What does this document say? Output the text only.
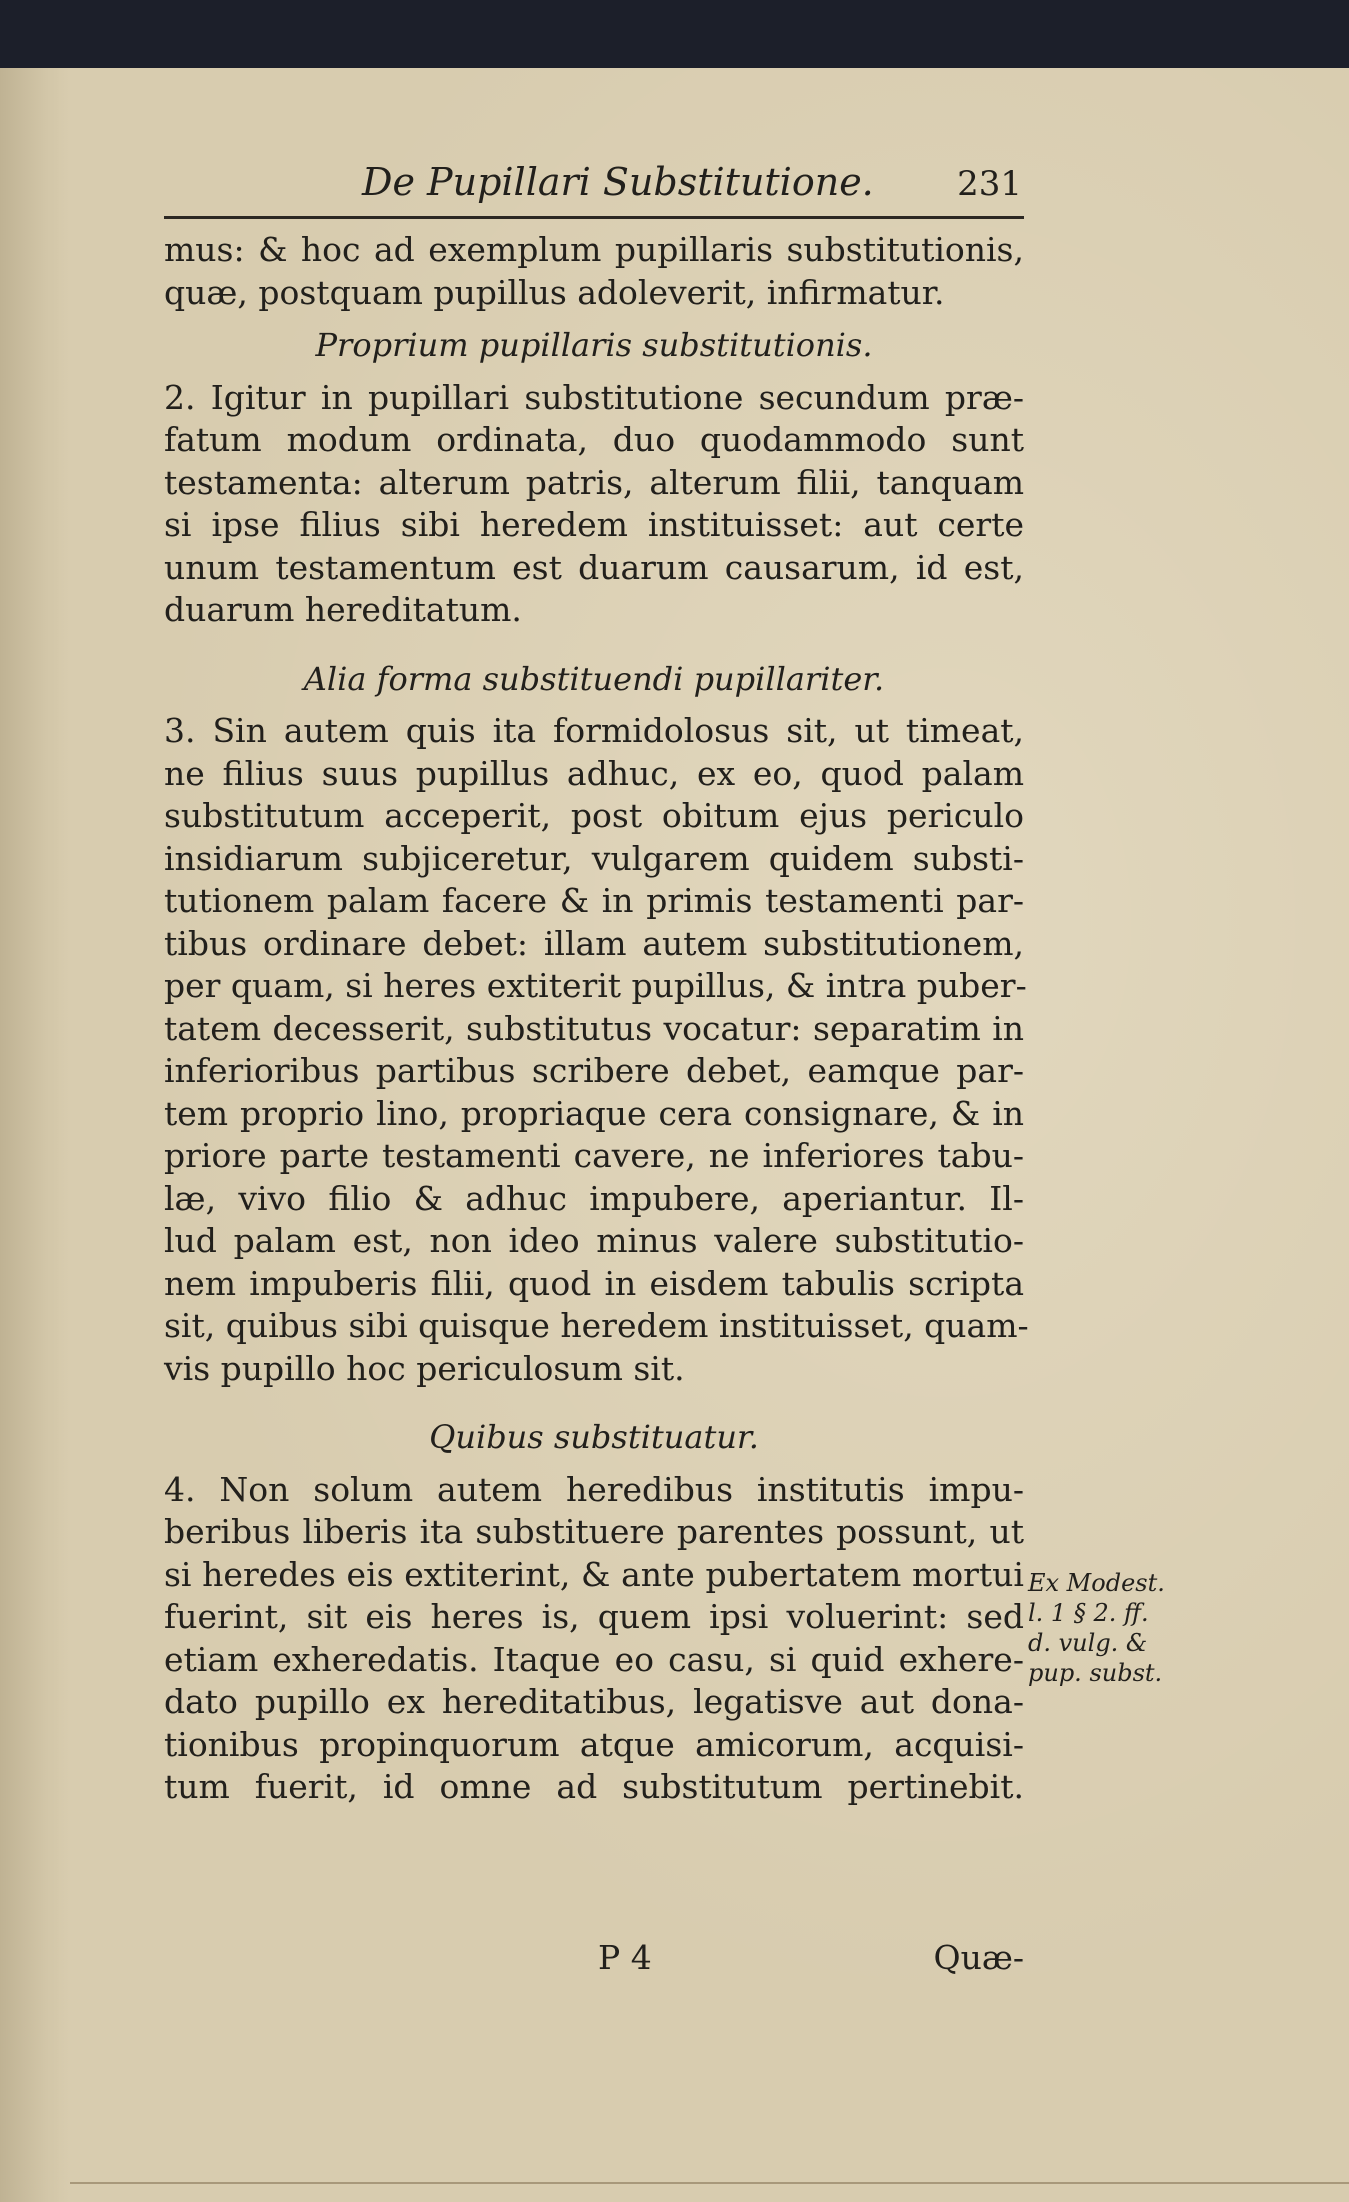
De Pupillari Substitutione. 231
mus: & hoc ad exemplum pupillaris substitutionis,
quæ, postquam pupillus adoleverit, infirmatur.
Proprium pupillaris substitutionis.
2. Igitur in pupillari substitutione secundum præ-
fatum modum ordinata, duo quodammodo sunt
testamenta: alterum patris, alterum filii, tanquam
si ipse filius sibi heredem instituisset: aut certe
unum testamentum est duarum causarum, id est,
duarum hereditatum.
Alia forma substituendi pupillariter.
3. Sin autem quis ita formidolosus sit, ut timeat,
ne filius suus pupillus adhuc, ex eo, quod palam
substitutum acceperit, post obitum ejus periculo
insidiarum subjiceretur, vulgarem quidem substi-
tutionem palam facere & in primis testamenti par-
tibus ordinare debet: illam autem substitutionem,
per quam, si heres extiterit pupillus, & intra puber-
tatem decesserit, substitutus vocatur: separatim in
inferioribus partibus scribere debet, eamque par-
tem proprio lino, propriaque cera consignare, & in
priore parte testamenti cavere, ne inferiores tabu-
læ, vivo filio & adhuc impubere, aperiantur. Il-
lud palam est, non ideo minus valere substitutio-
nem impuberis filii, quod in eisdem tabulis scripta
sit, quibus sibi quisque heredem instituisset, quam-
vis pupillo hoc periculosum sit.
Quibus substituatur.
4. Non solum autem heredibus institutis impu-
beribus liberis ita substituere parentes possunt, ut
si heredes eis extiterint, & ante pubertatem mortui
fuerint, sit eis heres is, quem ipsi voluerint: sed
etiam exheredatis. Itaque eo casu, si quid exhere-
dato pupillo ex hereditatibus, legatisve aut dona-
tionibus propinquorum atque amicorum, acquisi-
tum fuerit, id omne ad substitutum pertinebit.
Ex Modest.
l. 1 § 2. ff.
d. vulg. &
pup. subst.
P 4	Quæ-
